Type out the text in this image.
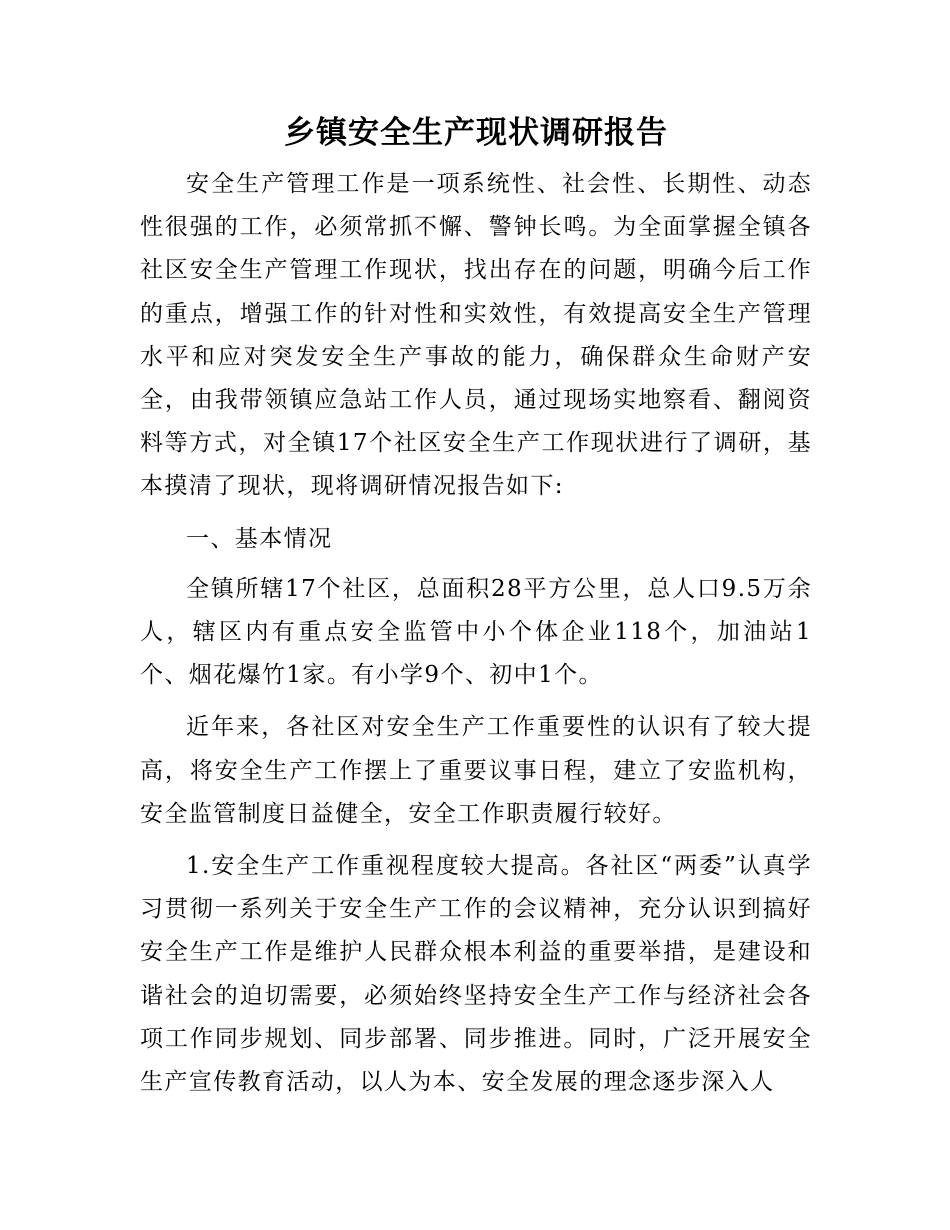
乡镇安全生产现状调研报告

安全生产管理工作是一项系统性、社会性、长期性、动态性很强的工作，必须常抓不懈、警钟长鸣。为全面掌握全镇各社区安全生产管理工作现状，找出存在的问题，明确今后工作的重点，增强工作的针对性和实效性，有效提高安全生产管理水平和应对突发安全生产事故的能力，确保群众生命财产安全，由我带领镇应急站工作人员，通过现场实地察看、翻阅资料等方式，对全镇17个社区安全生产工作现状进行了调研，基本摸清了现状，现将调研情况报告如下:

一、基本情况

全镇所辖17个社区，总面积28平方公里，总人口9.5万余人，辖区内有重点安全监管中小个体企业118个，加油站1个、烟花爆竹1家。有小学9个、初中1个。

近年来，各社区对安全生产工作重要性的认识有了较大提高，将安全生产工作摆上了重要议事日程，建立了安监机构，安全监管制度日益健全，安全工作职责履行较好。

1.安全生产工作重视程度较大提高。各社区“两委”认真学习贯彻一系列关于安全生产工作的会议精神，充分认识到搞好安全生产工作是维护人民群众根本利益的重要举措，是建设和谐社会的迫切需要，必须始终坚持安全生产工作与经济社会各项工作同步规划、同步部署、同步推进。同时，广泛开展安全生产宣传教育活动，以人为本、安全发展的理念逐步深入人
